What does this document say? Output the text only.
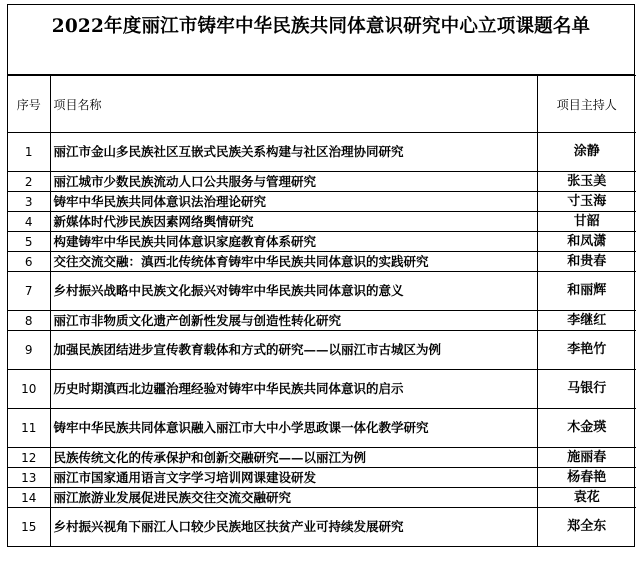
2022年度丽江市铸牢中华民族共同体意识研究中心立项课题名单
序号	项目名称	项目主持人
1	丽江市金山多民族社区互嵌式民族关系构建与社区治理协同研究	涂静
2	丽江城市少数民族流动人口公共服务与管理研究	张玉美
3	铸牢中华民族共同体意识法治理论研究	寸玉海
4	新媒体时代涉民族因素网络舆情研究	甘韶
5	构建铸牢中华民族共同体意识家庭教育体系研究	和凤潇
6	交往交流交融：滇西北传统体育铸牢中华民族共同体意识的实践研究	和贵春
7	乡村振兴战略中民族文化振兴对铸牢中华民族共同体意识的意义	和丽辉
8	丽江市非物质文化遗产创新性发展与创造性转化研究	李继红
9	加强民族团结进步宣传教育载体和方式的研究——以丽江市古城区为例	李艳竹
10	历史时期滇西北边疆治理经验对铸牢中华民族共同体意识的启示	马银行
11	铸牢中华民族共同体意识融入丽江市大中小学思政课一体化教学研究	木金瑛
12	民族传统文化的传承保护和创新交融研究——以丽江为例	施丽春
13	丽江市国家通用语言文字学习培训网课建设研发	杨春艳
14	丽江旅游业发展促进民族交往交流交融研究	袁花
15	乡村振兴视角下丽江人口较少民族地区扶贫产业可持续发展研究	郑全东
